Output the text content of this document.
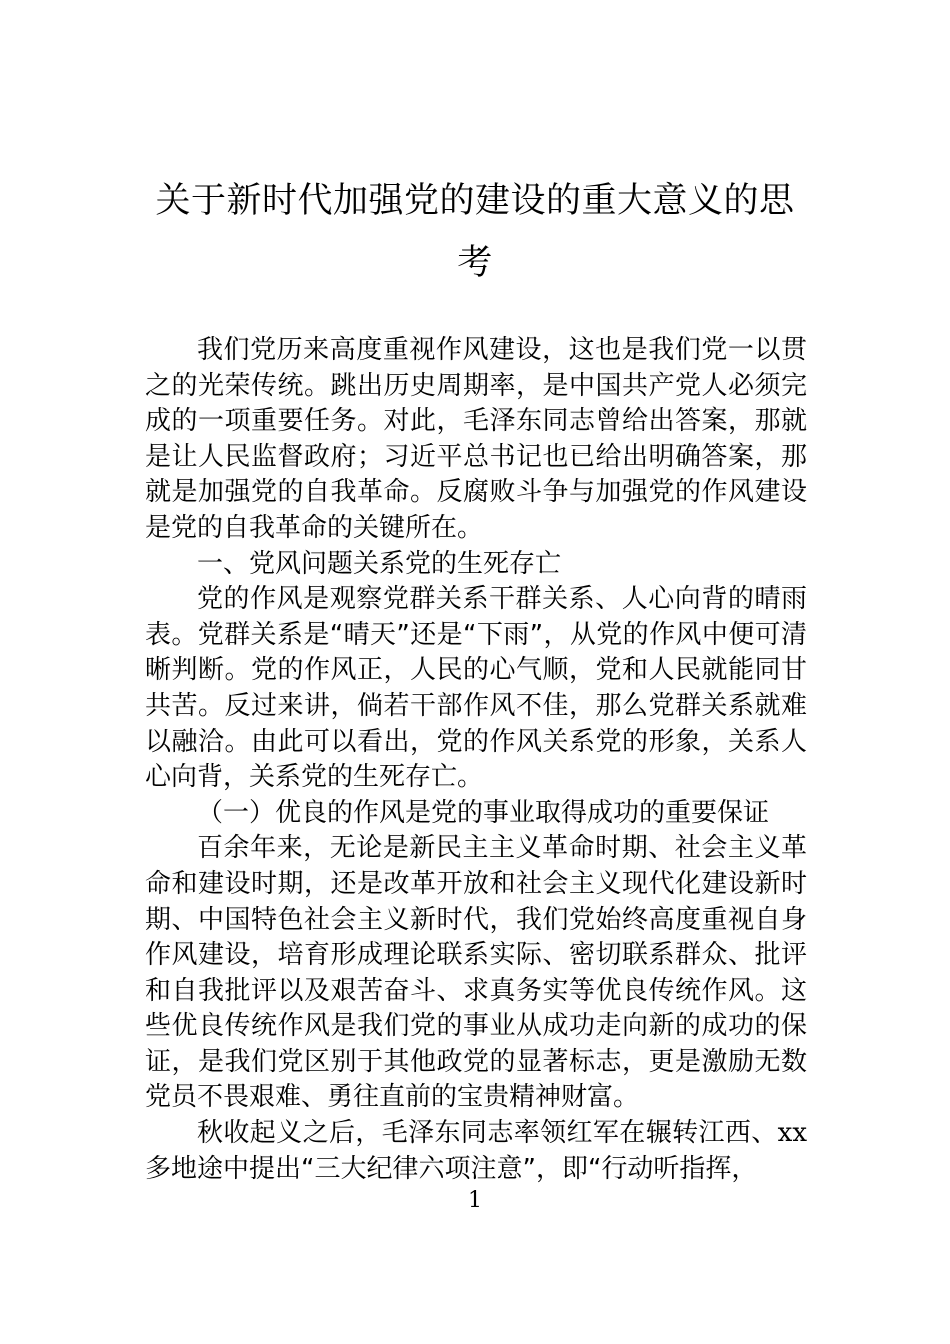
关于新时代加强党的建设的重大意义的思考

我们党历来高度重视作风建设，这也是我们党一以贯之的光荣传统。跳出历史周期率，是中国共产党人必须完成的一项重要任务。对此，毛泽东同志曾给出答案，那就是让人民监督政府；习近平总书记也已给出明确答案，那就是加强党的自我革命。反腐败斗争与加强党的作风建设是党的自我革命的关键所在。

一、党风问题关系党的生死存亡

党的作风是观察党群关系干群关系、人心向背的晴雨表。党群关系是“晴天”还是“下雨”，从党的作风中便可清晰判断。党的作风正，人民的心气顺，党和人民就能同甘共苦。反过来讲，倘若干部作风不佳，那么党群关系就难以融洽。由此可以看出，党的作风关系党的形象，关系人心向背，关系党的生死存亡。

（一）优良的作风是党的事业取得成功的重要保证

百余年来，无论是新民主主义革命时期、社会主义革命和建设时期，还是改革开放和社会主义现代化建设新时期、中国特色社会主义新时代，我们党始终高度重视自身作风建设，培育形成理论联系实际、密切联系群众、批评和自我批评以及艰苦奋斗、求真务实等优良传统作风。这些优良传统作风是我们党的事业从成功走向新的成功的保证，是我们党区别于其他政党的显著标志，更是激励无数党员不畏艰难、勇往直前的宝贵精神财富。

秋收起义之后，毛泽东同志率领红军在辗转江西、xx多地途中提出“三大纪律六项注意”，即“行动听指挥，

1
